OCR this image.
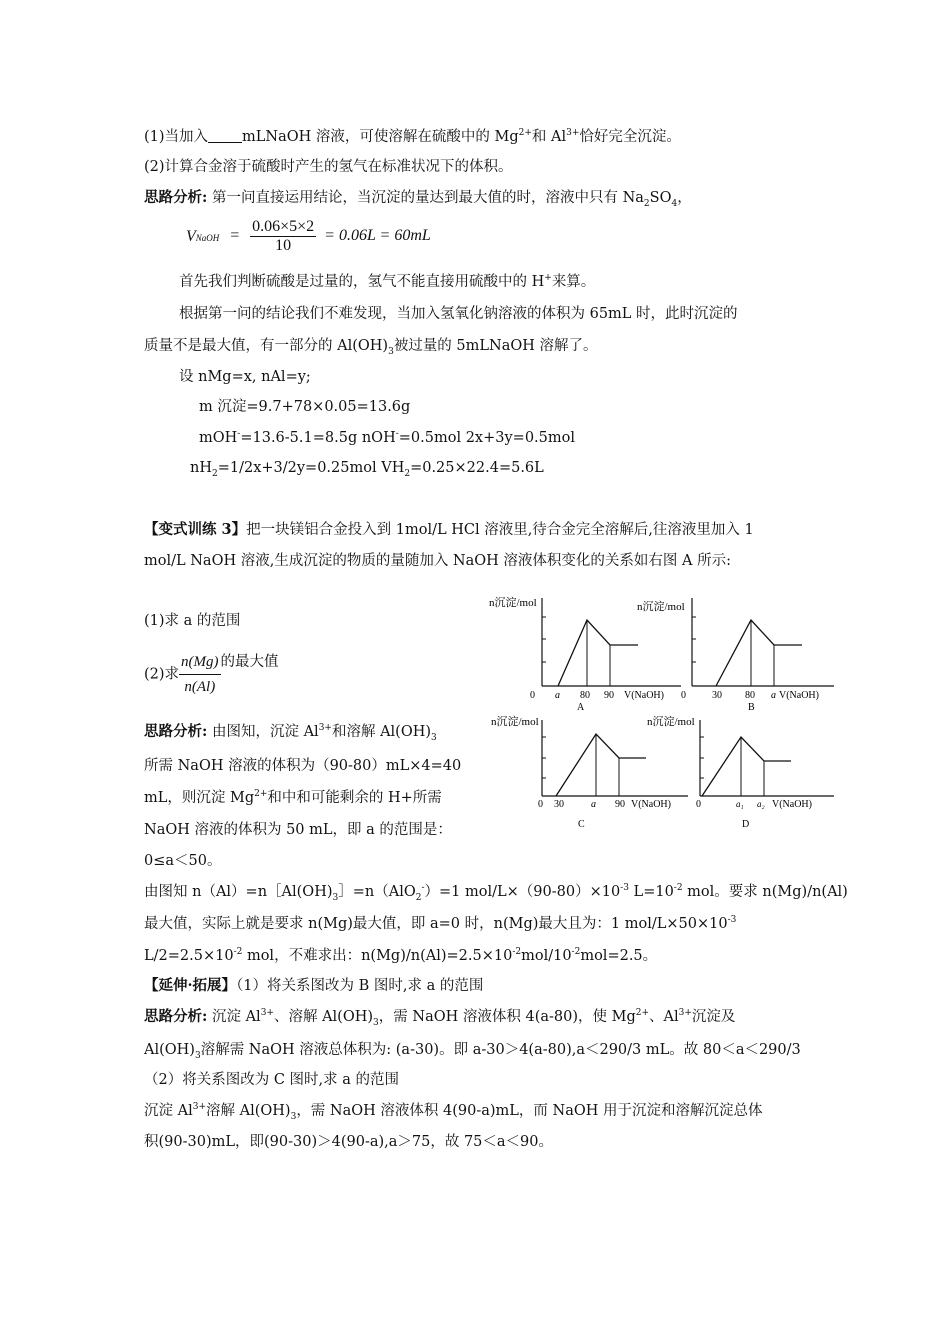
(1)当加入 mLNaOH 溶液，可使溶解在硫酸中的 $Mg^{2+}$和 $Al^{3+}$恰好完全沉淀。
(2)计算合金溶于硫酸时产生的氢气在标准状况下的体积。
思路分析: 第一问直接运用结论，当沉淀的量达到最大值的时，溶液中只有 $Na_2SO_4$，
VNaOH = $\frac{0.06\times 5\times 2}{10} = 0.06L = 60mL$
首先我们判断硫酸是过量的，氢气不能直接用硫酸中的 H+来算。
根据第一问的结论我们不难发现，当加入氢氧化钠溶液的体积为 65mL 时，此时沉淀的
质量不是最大值，有一部分的 $Al(OH)_3$被过量的 5mLNaOH 溶解了。
设 nMg=x, nAl=y;
m 沉淀=9.7+78×0.05=13.6g
mOH-=13.6-5.1=8.5g nOH-=0.5mol 2x+3y=0.5mol
$nH_2=1/2x+3/2y=0.25mol$ $VH_2=0.25\times 22.4=5.6L$
【变式训练 3】把一块镁铝合金投入到 1mol/L HCl 溶液里,待合金完全溶解后,往溶液里加入 1
mol/L NaOH 溶液,生成沉淀的物质的量随加入 NaOH 溶液体积变化的关系如右图 A 所示:
(1)求 a 的范围
(2)求 $\frac{n(Mg)}{n(Al)}$ 的最大值
思路分析: 由图知，沉淀 $Al^{3+}$和溶解 $Al(OH)_3$
所需 NaOH 溶液的体积为（90-80）mL×4=40
mL，则沉淀 $Mg^{2+}$和中和可能剩余的 H+所需
NaOH 溶液的体积为 50 mL，即 a 的范围是：
0≤a＜50。
由图知 $n(Al)=n[Al(OH)_3]=n(AlO_2^-)=1$ mol/$L\times(90-80)\times 10^{-3}$ $L=10^{-2}$ mol。要求 n(Mg)/n(Al)
最大值，实际上就是要求 n(Mg)最大值，即 a=0 时，n(Mg)最大且为：1 mol/$L\times 50\times 10^{-3}$
$L/2=2.5\times 10^{-2}$ mol，不难求出：$n(Mg)/n(Al)=2.5\times 10^{-2}mol/10^{-2}mol=2.5$。
【延伸·拓展】（1）将关系图改为 B 图时,求 a 的范围
思路分析: 沉淀 $Al^{3+}$、溶解 $Al(OH)_3$，需 NaOH 溶液体积 4(a-80)，使 $Mg^{2+}$、$Al^{3+}$沉淀及
$Al(OH)_3$溶解需 NaOH 溶液总体积为: (a-30)。即 a-30＞4(a-80),a＜290/3 mL。故 80＜a＜290/3
（2）将关系图改为 C 图时,求 a 的范围
沉淀 $Al^{3+}$溶解 $Al(OH)_3$，需 NaOH 溶液体积 4(90-a)mL，而 NaOH 用于沉淀和溶解沉淀总体
积(90-30)mL，即(90-30)＞4(90-a),a＞75，故 75＜a＜90。
n沉淀/mol
0 a 80 90 V(NaOH)
A
n沉淀/mol
0	30 80 a V(NaOH)
B
n沉淀/mol
0 30	a 90 V(NaOH)
C
n沉淀/mol
0	a₁ a₂ V(NaOH)
D
